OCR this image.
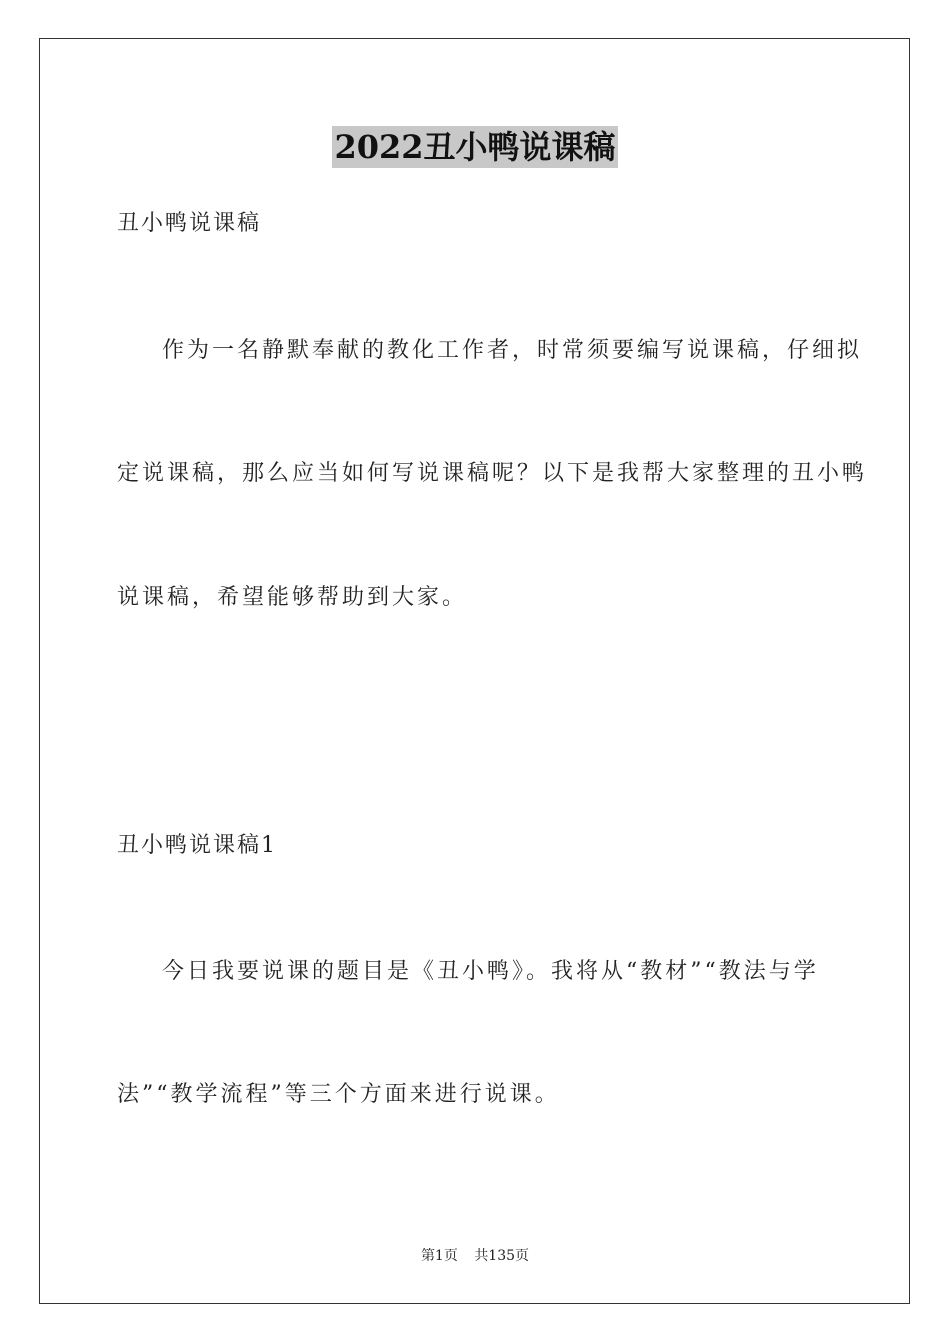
2022丑小鸭说课稿
丑小鸭说课稿
作为一名静默奉献的教化工作者，时常须要编写说课稿，仔细拟
定说课稿，那么应当如何写说课稿呢？以下是我帮大家整理的丑小鸭
说课稿，希望能够帮助到大家。
丑小鸭说课稿1
今日我要说课的题目是《丑小鸭》。我将从“教材”“教法与学
法”“教学流程”等三个方面来进行说课。
第1页 共135页
